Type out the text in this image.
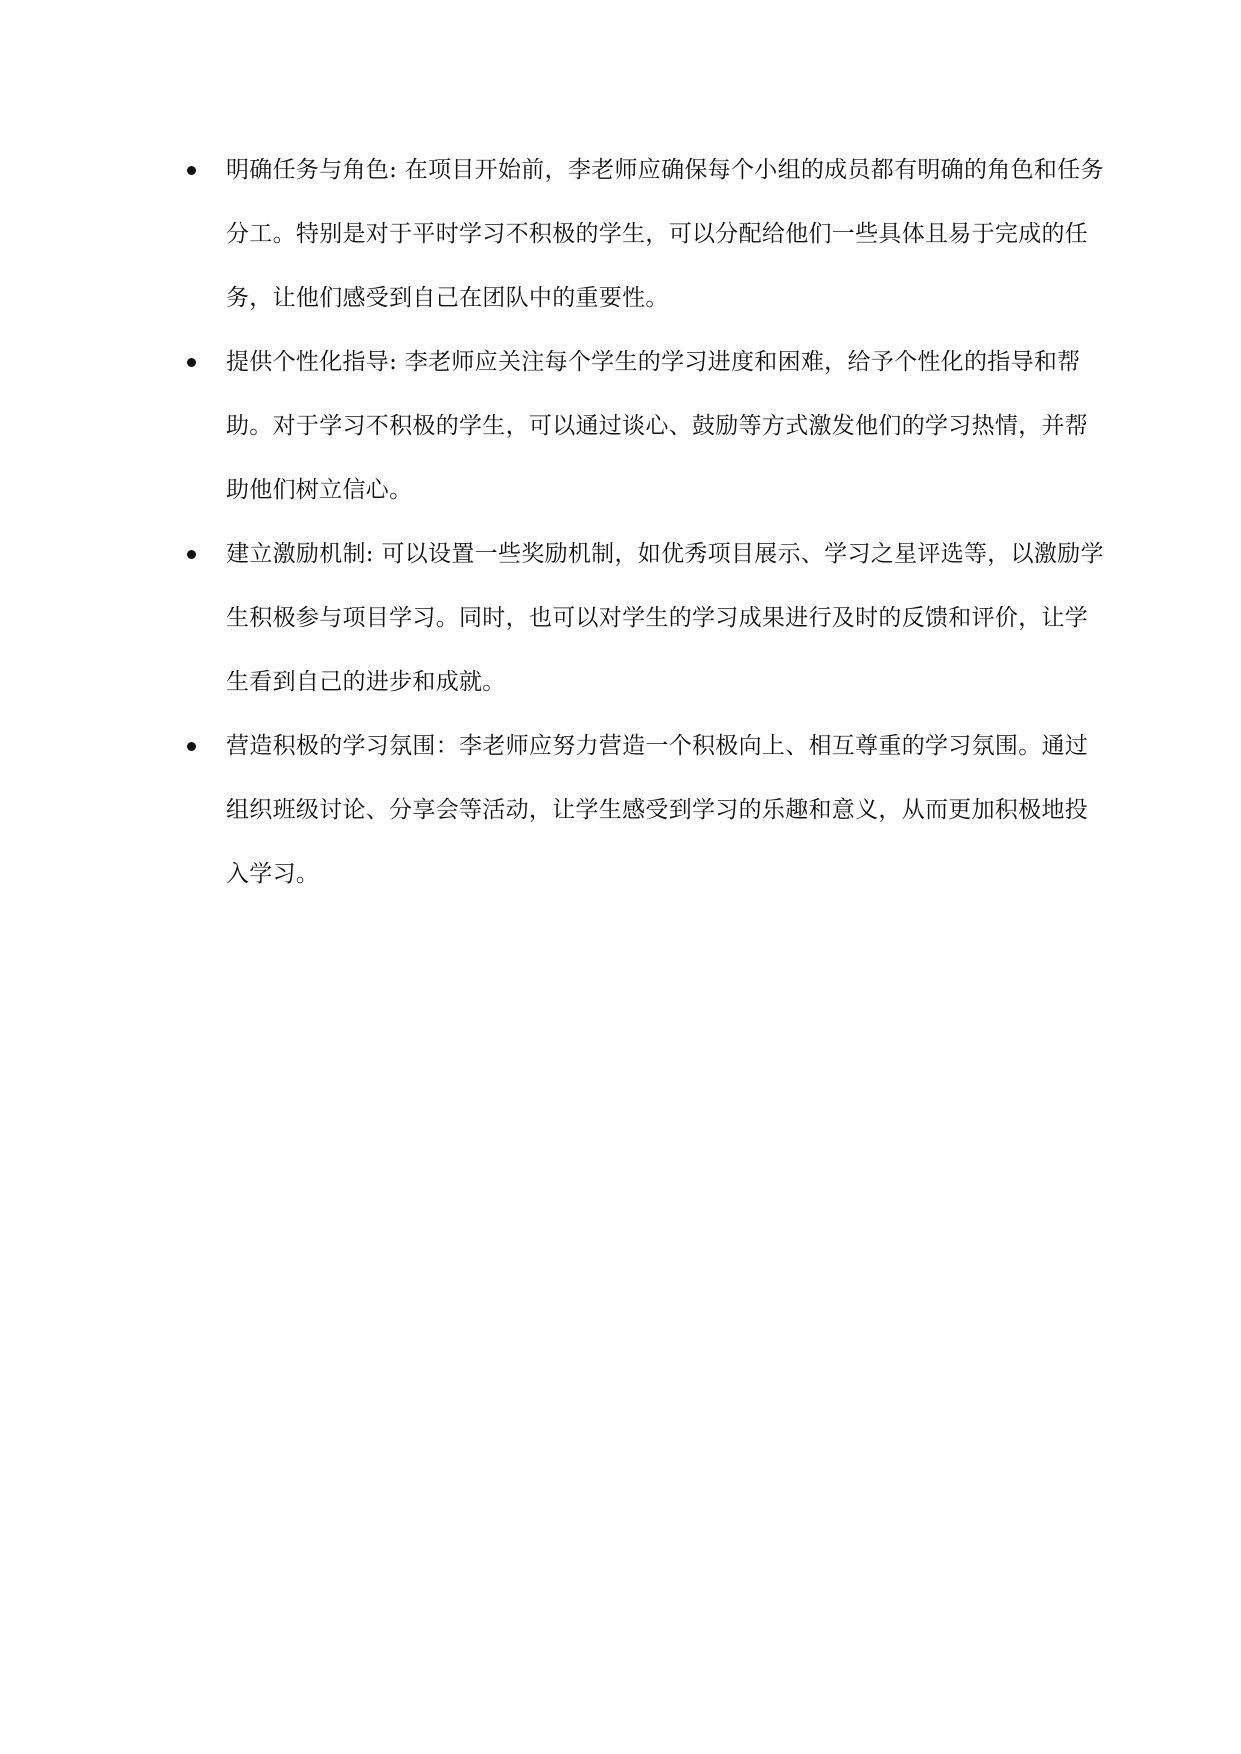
明确任务与角色: 在项目开始前，李老师应确保每个小组的成员都有明确的角色和任务分工。特别是对于平时学习不积极的学生，可以分配给他们一些具体且易于完成的任务，让他们感受到自己在团队中的重要性。
提供个性化指导: 李老师应关注每个学生的学习进度和困难，给予个性化的指导和帮助。对于学习不积极的学生，可以通过谈心、鼓励等方式激发他们的学习热情，并帮助他们树立信心。
建立激励机制: 可以设置一些奖励机制，如优秀项目展示、学习之星评选等，以激励学生积极参与项目学习。同时，也可以对学生的学习成果进行及时的反馈和评价，让学生看到自己的进步和成就。
营造积极的学习氛围：李老师应努力营造一个积极向上、相互尊重的学习氛围。通过组织班级讨论、分享会等活动，让学生感受到学习的乐趣和意义，从而更加积极地投入学习。
